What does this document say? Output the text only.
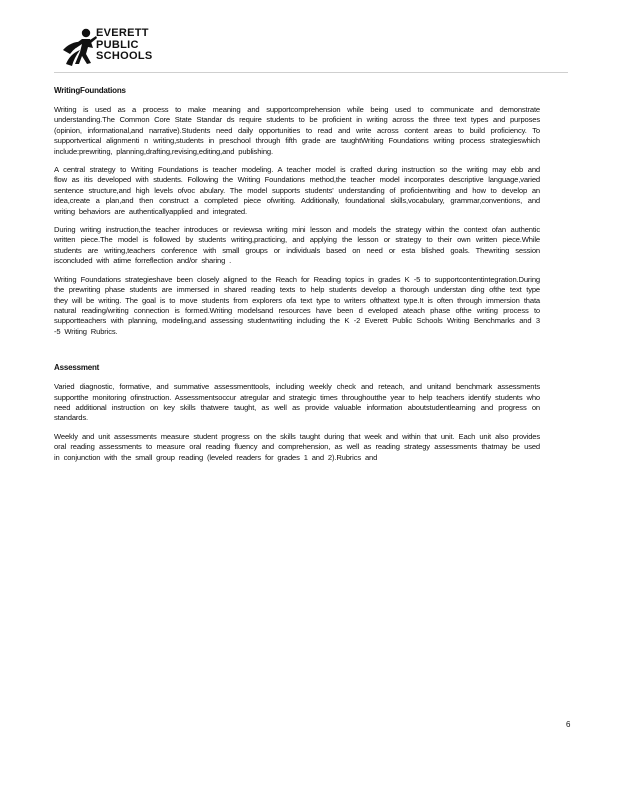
EVERETT
PUBLIC
SCHOOLS
WritingFoundations

Writing is used as a process to make meaning and supportcomprehension while being used to communicate and demonstrate understanding.The Common Core State Standar ds require students to be proficient in writing across the three text types and purposes (opinion, informational,and narrative).Students need daily opportunities to read and write across content areas to build proficiency. To supportvertical alignmenti n writing,students in preschool through fifth grade are taughtWriting Foundations writing process strategieswhich include:prewriting, planning,drafting,revising,editing,and publishing.

A central strategy to Writing Foundations is teacher modeling. A teacher model is crafted during instruction so the writing may ebb and flow as itis developed with students. Following the Writing Foundations method,the teacher model incorporates descriptive language,varied sentence structure,and high levels ofvoc abulary. The model supports students' understanding of proficientwriting and how to develop an idea,create a plan,and then construct a completed piece ofwriting. Additionally, foundational skills,vocabulary, grammar,conventions, and writing behaviors are authenticallyapplied and integrated.

During writing instruction,the teacher introduces or reviewsa writing mini lesson and models the strategy within the context ofan authentic written piece.The model is followed by students writing,practicing, and applying the lesson or strategy to their own written piece.While students are writing,teachers conference with small groups or individuals based on need or esta blished goals. Thewriting session isconcluded with atime forreflection and/or sharing .

Writing Foundations strategieshave been closely aligned to the Reach for Reading topics in grades K -5 to supportcontentintegration.During the prewriting phase students are immersed in shared reading texts to help students develop a thorough understan ding ofthe text type they will be writing. The goal is to move students from explorers ofa text type to writers ofthattext type.It is often through immersion thata natural reading/writing connection is formed.Writing modelsand resources have been d eveloped ateach phase ofthe writing process to supportteachers with planning, modeling,and assessing studentwriting including the K -2 Everett Public Schools Writing Benchmarks and 3 -5 Writing Rubrics.

Assessment

Varied diagnostic, formative, and summative assessmenttools, including weekly check and reteach, and unitand benchmark assessments supportthe monitoring ofinstruction. Assessmentsoccur atregular and strategic times throughoutthe year to help teachers identify students who need additional instruction on key skills thatwere taught, as well as provide valuable information aboutstudentlearning and progress on standards.

Weekly and unit assessments measure student progress on the skills taught during that week and within that unit. Each unit also provides oral reading assessments to measure oral reading fluency and comprehension, as well as reading strategy assessments thatmay be used in conjunction with the small group reading (leveled readers for grades 1 and 2).Rubrics and

6
